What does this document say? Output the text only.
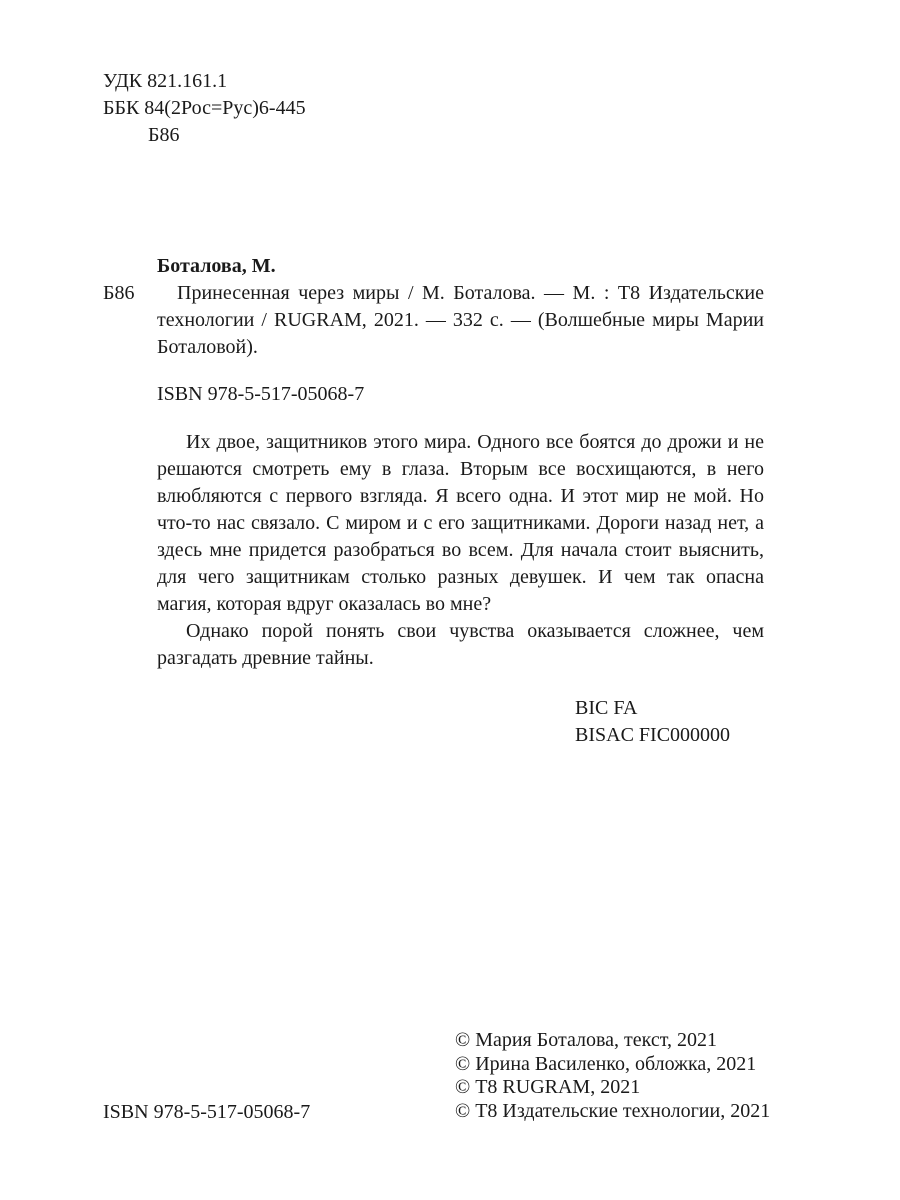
УДК 821.161.1
ББК 84(2Рос=Рус)6-445
Б86
Боталова, М.
Б86	Принесенная через миры / М. Боталова. — М. : Т8 Издательские технологии / RUGRAM, 2021. — 332 с. — (Волшебные миры Марии Боталовой).
ISBN 978-5-517-05068-7

Их двое, защитников этого мира. Одного все боятся до дрожи и не решаются смотреть ему в глаза. Вторым все восхищаются, в него влюбляются с первого взгляда. Я всего одна. И этот мир не мой. Но что-то нас связало. С миром и с его защитниками. Дороги назад нет, а здесь мне придется разобраться во всем. Для начала стоит выяснить, для чего защитникам столько разных девушек. И чем так опасна магия, которая вдруг оказалась во мне?

Однако порой понять свои чувства оказывается сложнее, чем разгадать древние тайны.

BIC FA
BISAC FIC000000
ISBN 978-5-517-05068-7
© Мария Боталова, текст, 2021
© Ирина Василенко, обложка, 2021
© Т8 RUGRAM, 2021
© Т8 Издательские технологии, 2021
